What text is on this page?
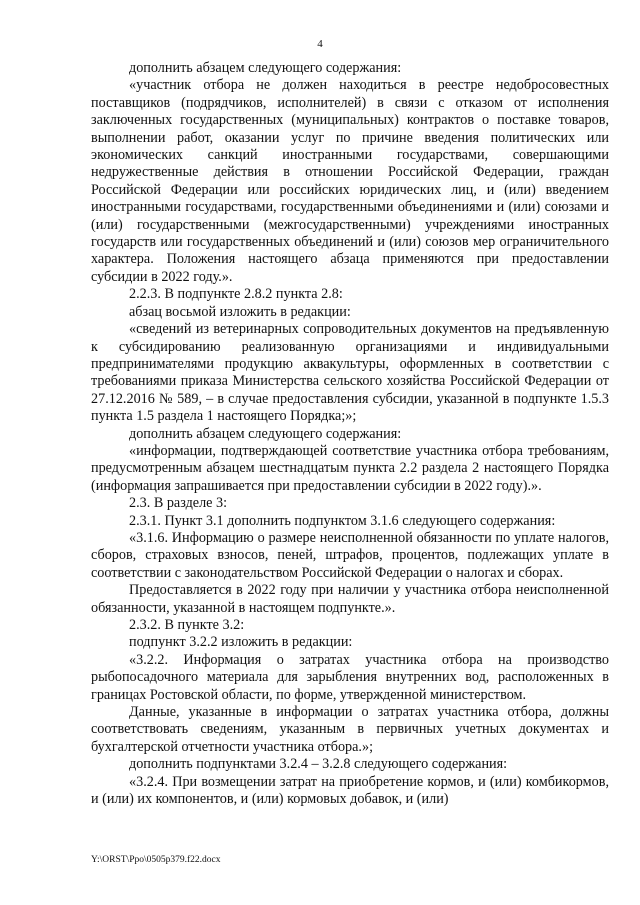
4

дополнить абзацем следующего содержания:

«участник отбора не должен находиться в реестре недобросовестных поставщиков (подрядчиков, исполнителей) в связи с отказом от исполнения заключенных государственных (муниципальных) контрактов о поставке товаров, выполнении работ, оказании услуг по причине введения политических или экономических санкций иностранными государствами, совершающими недружественные действия в отношении Российской Федерации, граждан Российской Федерации или российских юридических лиц, и (или) введением иностранными государствами, государственными объединениями и (или) союзами и (или) государственными (межгосударственными) учреждениями иностранных государств или государственных объединений и (или) союзов мер ограничительного характера. Положения настоящего абзаца применяются при предоставлении субсидии в 2022 году.».

2.2.3. В подпункте 2.8.2 пункта 2.8:

абзац восьмой изложить в редакции:

«сведений из ветеринарных сопроводительных документов на предъявленную к субсидированию реализованную организациями и индивидуальными предпринимателями продукцию аквакультуры, оформленных в соответствии с требованиями приказа Министерства сельского хозяйства Российской Федерации от 27.12.2016 № 589, – в случае предоставления субсидии, указанной в подпункте 1.5.3 пункта 1.5 раздела 1 настоящего Порядка;»;

дополнить абзацем следующего содержания:

«информации, подтверждающей соответствие участника отбора требованиям, предусмотренным абзацем шестнадцатым пункта 2.2 раздела 2 настоящего Порядка (информация запрашивается при предоставлении субсидии в 2022 году).».

2.3. В разделе 3:

2.3.1. Пункт 3.1 дополнить подпунктом 3.1.6 следующего содержания:

«3.1.6. Информацию о размере неисполненной обязанности по уплате налогов, сборов, страховых взносов, пеней, штрафов, процентов, подлежащих уплате в соответствии с законодательством Российской Федерации о налогах и сборах.

Предоставляется в 2022 году при наличии у участника отбора неисполненной обязанности, указанной в настоящем подпункте.».

2.3.2. В пункте 3.2:

подпункт 3.2.2 изложить в редакции:

«3.2.2. Информация о затратах участника отбора на производство рыбопосадочного материала для зарыбления внутренних вод, расположенных в границах Ростовской области, по форме, утвержденной министерством.

Данные, указанные в информации о затратах участника отбора, должны соответствовать сведениям, указанным в первичных учетных документах и бухгалтерской отчетности участника отбора.»;

дополнить подпунктами 3.2.4 – 3.2.8 следующего содержания:

«3.2.4. При возмещении затрат на приобретение кормов, и (или) комбикормов, и (или) их компонентов, и (или) кормовых добавок, и (или)

Y:\ORST\Ppo\0505p379.f22.docx
